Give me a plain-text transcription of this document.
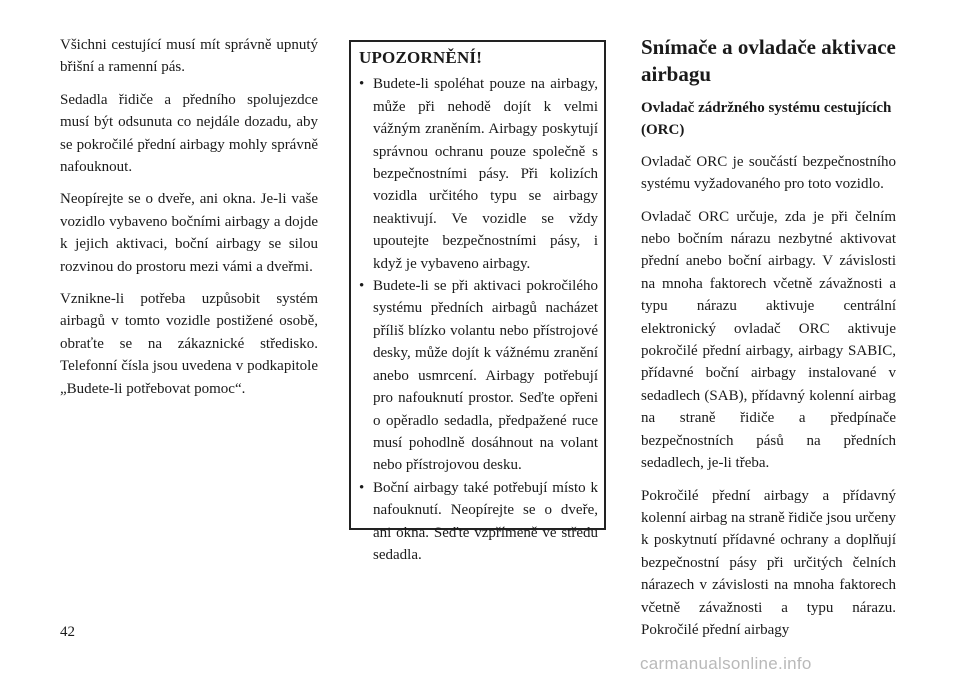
Všichni cestující musí mít správně upnutý břišní a ramenní pás.

Sedadla řidiče a předního spolujezdce musí být odsunuta co nejdále dozadu, aby se pokročilé přední airbagy mohly správně nafouknout.

Neopírejte se o dveře, ani okna. Je-li vaše vozidlo vybaveno bočními airbagy a dojde k jejich aktivaci, boční airbagy se silou rozvinou do prostoru mezi vámi a dveřmi.

Vznikne-li potřeba uzpůsobit systém airbagů v tomto vozidle postižené osobě, obraťte se na zákaznické středisko. Telefonní čísla jsou uvedena v podkapitole „Budete-li potřebovat pomoc“.

UPOZORNĚNÍ!
• Budete-li spoléhat pouze na airbagy, může při nehodě dojít k velmi vážným zraněním. Airbagy poskytují správnou ochranu pouze společně s bezpečnostními pásy. Při kolizích vozidla určitého typu se airbagy neaktivují. Ve vozidle se vždy upoutejte bezpečnostními pásy, i když je vybaveno airbagy.
• Budete-li se při aktivaci pokročilého systému předních airbagů nacházet příliš blízko volantu nebo přístrojové desky, může dojít k vážnému zranění anebo usmrcení. Airbagy potřebují pro nafouknutí prostor. Seďte opřeni o opěradlo sedadla, předpažené ruce musí pohodlně dosáhnout na volant nebo přístrojovou desku.
• Boční airbagy také potřebují místo k nafouknutí. Neopírejte se o dveře, ani okna. Seďte vzpřímeně ve středu sedadla.
Snímače a ovladače aktivace airbagu
Ovladač zádržného systému cestujících (ORC)

Ovladač ORC je součástí bezpečnostního systému vyžadovaného pro toto vozidlo.

Ovladač ORC určuje, zda je při čelním nebo bočním nárazu nezbytné aktivovat přední anebo boční airbagy. V závislosti na mnoha faktorech včetně závažnosti a typu nárazu aktivuje centrální elektronický ovladač ORC aktivuje pokročilé přední airbagy, airbagy SABIC, přídavné boční airbagy instalované v sedadlech (SAB), přídavný kolenní airbag na straně řidiče a předpínače bezpečnostních pásů na předních sedadlech, je-li třeba.

Pokročilé přední airbagy a přídavný kolenní airbag na straně řidiče jsou určeny k poskytnutí přídavné ochrany a doplňují bezpečnostní pásy při určitých čelních nárazech v závislosti na mnoha faktorech včetně závažnosti a typu nárazu. Pokročilé přední airbagy

42
carmanualsonline.info
